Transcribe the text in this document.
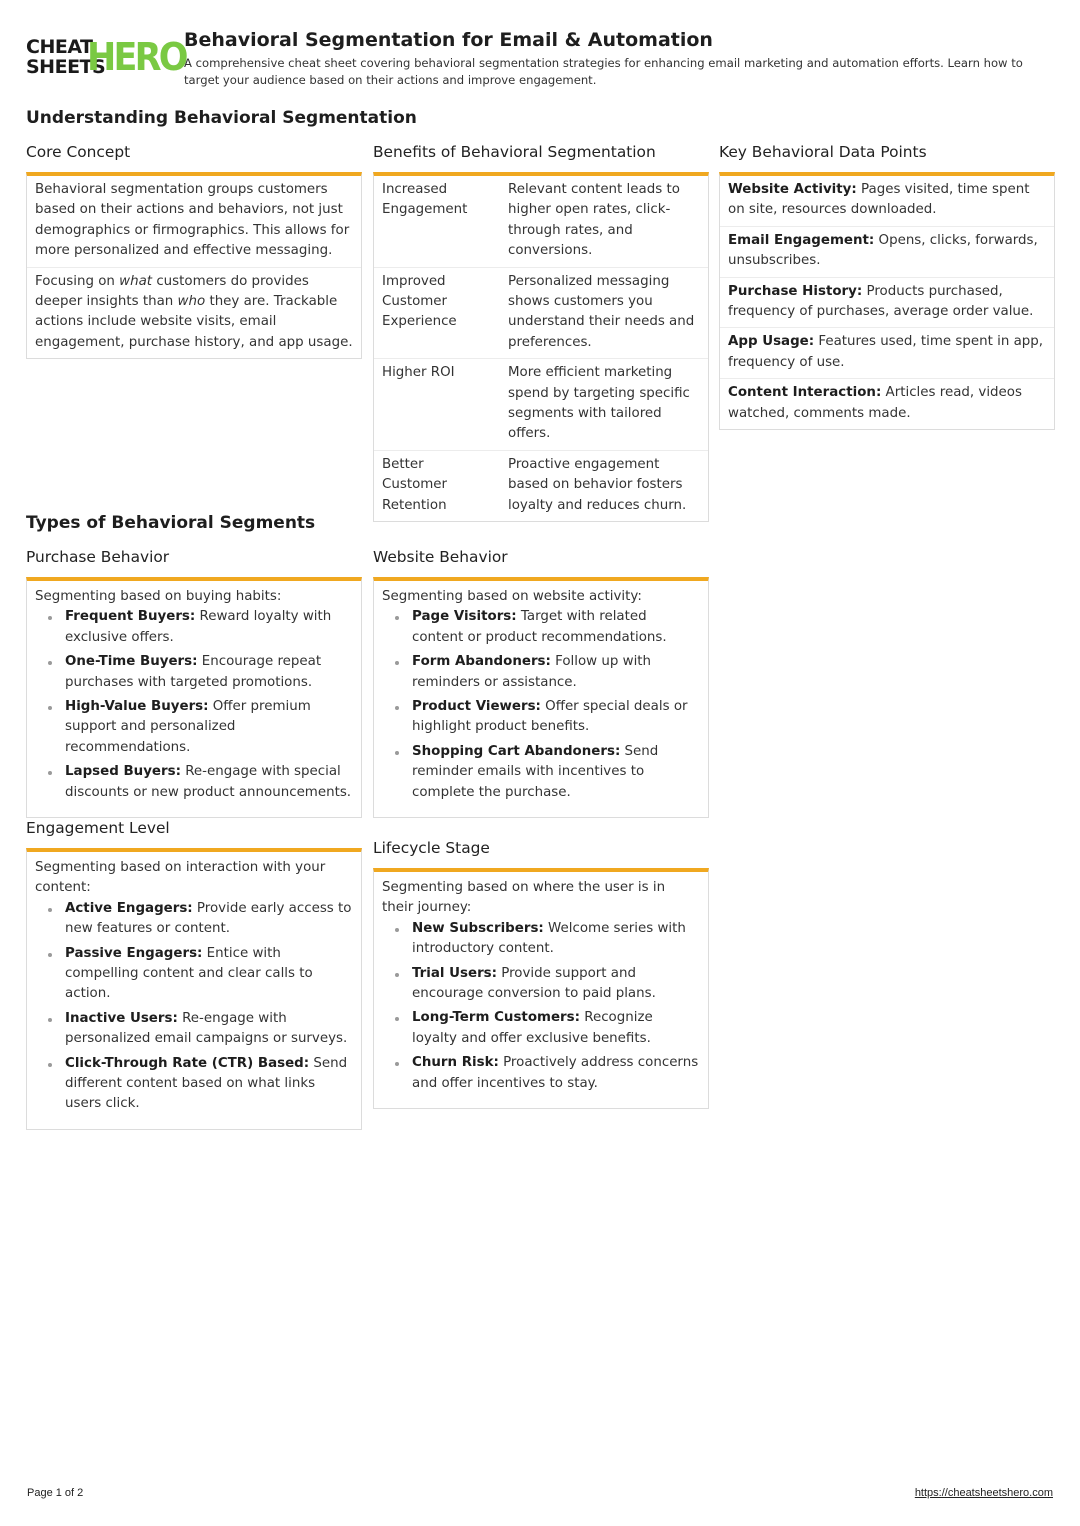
CHEAT
SHEETS
HERO
Behavioral Segmentation for Email & Automation
A comprehensive cheat sheet covering behavioral segmentation strategies for enhancing email marketing and automation efforts. Learn how to target your audience based on their actions and improve engagement.
Understanding Behavioral Segmentation
Core Concept
Behavioral segmentation groups customers based on their actions and behaviors, not just demographics or firmographics. This allows for more personalized and effective messaging.
Focusing on what customers do provides deeper insights than who they are. Trackable actions include website visits, email engagement, purchase history, and app usage.
Benefits of Behavioral Segmentation
Increased Engagement
Relevant content leads to higher open rates, click-through rates, and conversions.
Improved Customer Experience
Personalized messaging shows customers you understand their needs and preferences.
Higher ROI	More efficient marketing spend by targeting specific segments with tailored offers.
Better Customer Retention
Proactive engagement based on behavior fosters loyalty and reduces churn.
Key Behavioral Data Points
Website Activity: Pages visited, time spent on site, resources downloaded.
Email Engagement: Opens, clicks, forwards, unsubscribes.
Purchase History: Products purchased, frequency of purchases, average order value.
App Usage: Features used, time spent in app, frequency of use.
Content Interaction: Articles read, videos watched, comments made.
Types of Behavioral Segments
Purchase Behavior
Segmenting based on buying habits:
Frequent Buyers: Reward loyalty with exclusive offers.
One-Time Buyers: Encourage repeat purchases with targeted promotions.
High-Value Buyers: Offer premium support and personalized recommendations.
Lapsed Buyers: Re-engage with special discounts or new product announcements.
Website Behavior
Segmenting based on website activity:
Page Visitors: Target with related content or product recommendations.
Form Abandoners: Follow up with reminders or assistance.
Product Viewers: Offer special deals or highlight product benefits.
Shopping Cart Abandoners: Send reminder emails with incentives to complete the purchase.
Engagement Level
Segmenting based on interaction with your content:
Active Engagers: Provide early access to new features or content.
Passive Engagers: Entice with compelling content and clear calls to action.
Inactive Users: Re-engage with personalized email campaigns or surveys.
Click-Through Rate (CTR) Based: Send different content based on what links users click.
Lifecycle Stage
Segmenting based on where the user is in their journey:
New Subscribers: Welcome series with introductory content.
Trial Users: Provide support and encourage conversion to paid plans.
Long-Term Customers: Recognize loyalty and offer exclusive benefits.
Churn Risk: Proactively address concerns and offer incentives to stay.
Page 1 of 2	https://cheatsheetshero.com
